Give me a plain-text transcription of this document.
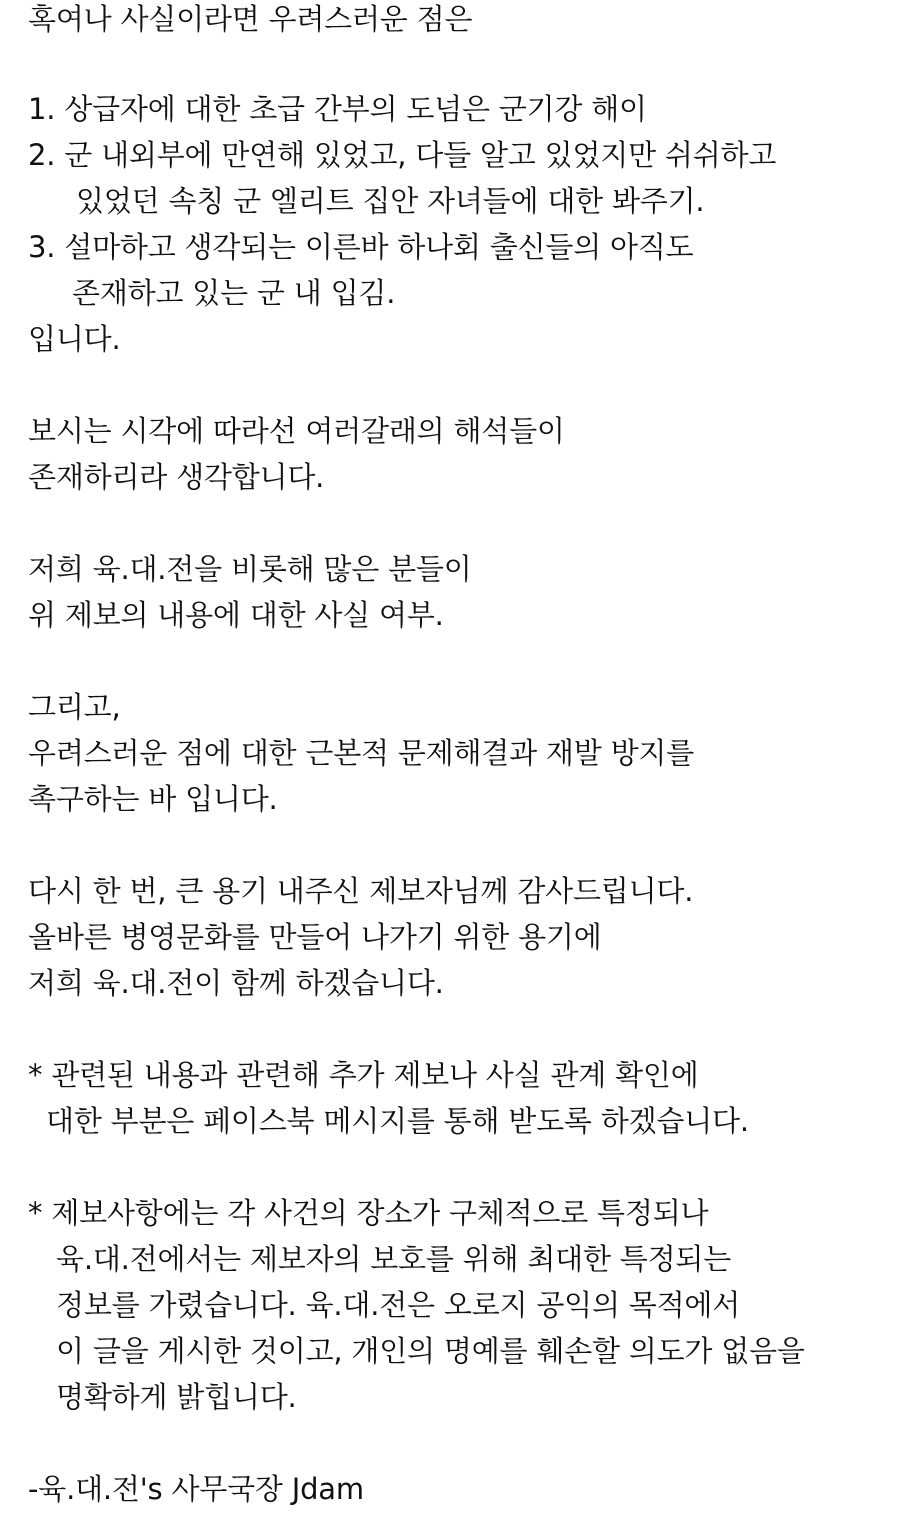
혹여나 사실이라면 우려스러운 점은
1. 상급자에 대한 초급 간부의 도넘은 군기강 해이
2. 군 내외부에 만연해 있었고, 다들 알고 있었지만 쉬쉬하고
있었던 속칭 군 엘리트 집안 자녀들에 대한 봐주기.
3. 설마하고 생각되는 이른바 하나회 출신들의 아직도
존재하고 있는 군 내 입김.
입니다.
보시는 시각에 따라선 여러갈래의 해석들이
존재하리라 생각합니다.
저희 육.대.전을 비롯해 많은 분들이
위 제보의 내용에 대한 사실 여부.
그리고,
우려스러운 점에 대한 근본적 문제해결과 재발 방지를
촉구하는 바 입니다.
다시 한 번, 큰 용기 내주신 제보자님께 감사드립니다.
올바른 병영문화를 만들어 나가기 위한 용기에
저희 육.대.전이 함께 하겠습니다.
* 관련된 내용과 관련해 추가 제보나 사실 관계 확인에
대한 부분은 페이스북 메시지를 통해 받도록 하겠습니다.
* 제보사항에는 각 사건의 장소가 구체적으로 특정되나
육.대.전에서는 제보자의 보호를 위해 최대한 특정되는
정보를 가렸습니다. 육.대.전은 오로지 공익의 목적에서
이 글을 게시한 것이고, 개인의 명예를 훼손할 의도가 없음을
명확하게 밝힙니다.
-육.대.전's 사무국장 Jdam
